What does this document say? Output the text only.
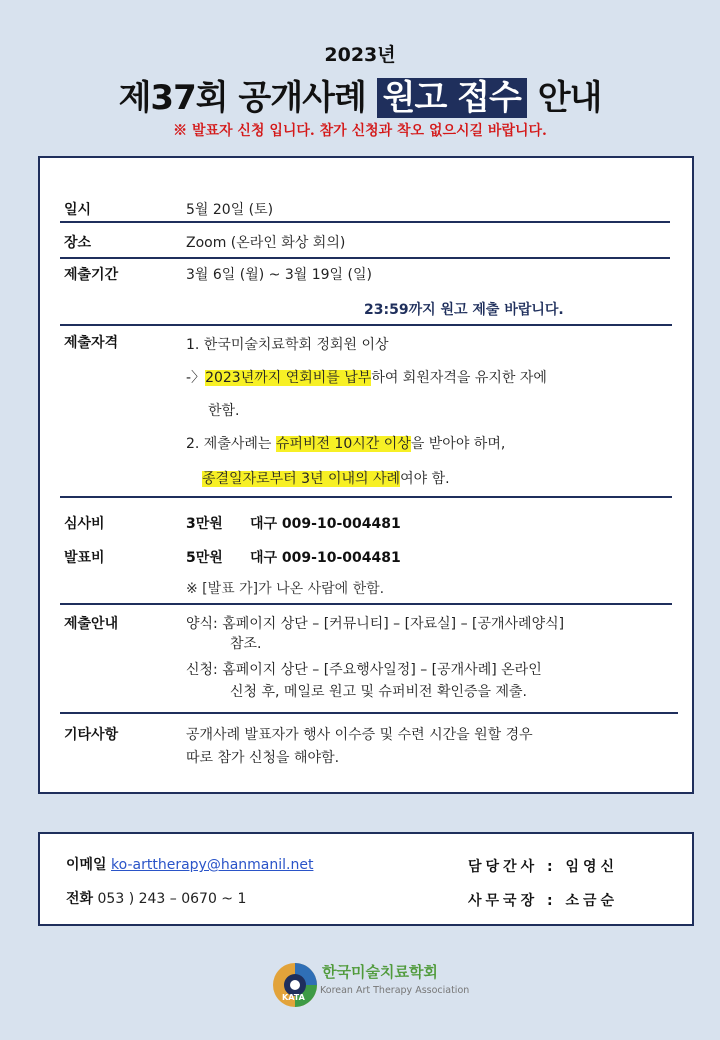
2023년
제37회 공개사례 원고 접수 안내
※ 발표자 신청 입니다. 참가 신청과 착오 없으시길 바랍니다.
일시	5월 20일 (토)
장소	Zoom (온라인 화상 회의)
제출기간	3월 6일 (월) ~ 3월 19일 (일)
23:59까지 원고 제출 바랍니다.
제출자격	1. 한국미술치료학회 정회원 이상
-〉2023년까지 연회비를 납부하여 회원자격을 유지한 자에
한함.
2. 제출사례는 슈퍼비전 10시간 이상을 받아야 하며,
종결일자로부터 3년 이내의 사례여야 함.
심사비	3만원 대구 009-10-004481
발표비	5만원 대구 009-10-004481
※ [발표 가]가 나온 사람에 한함.
제출안내	양식: 홈페이지 상단 – [커뮤니티] – [자료실] – [공개사례양식]
참조.
신청: 홈페이지 상단 – [주요행사일정] – [공개사례] 온라인
신청 후, 메일로 원고 및 슈퍼비전 확인증을 제출.
기타사항	공개사례 발표자가 행사 이수증 및 수련 시간을 원할 경우
따로 참가 신청을 해야함.
이메일 ko-arttherapy@hanmanil.net
전화 053 ) 243 – 0670 ~ 1
담당간사 : 임영신
사무국장 : 소금순
KATA
한국미술치료학회
Korean Art Therapy Association
